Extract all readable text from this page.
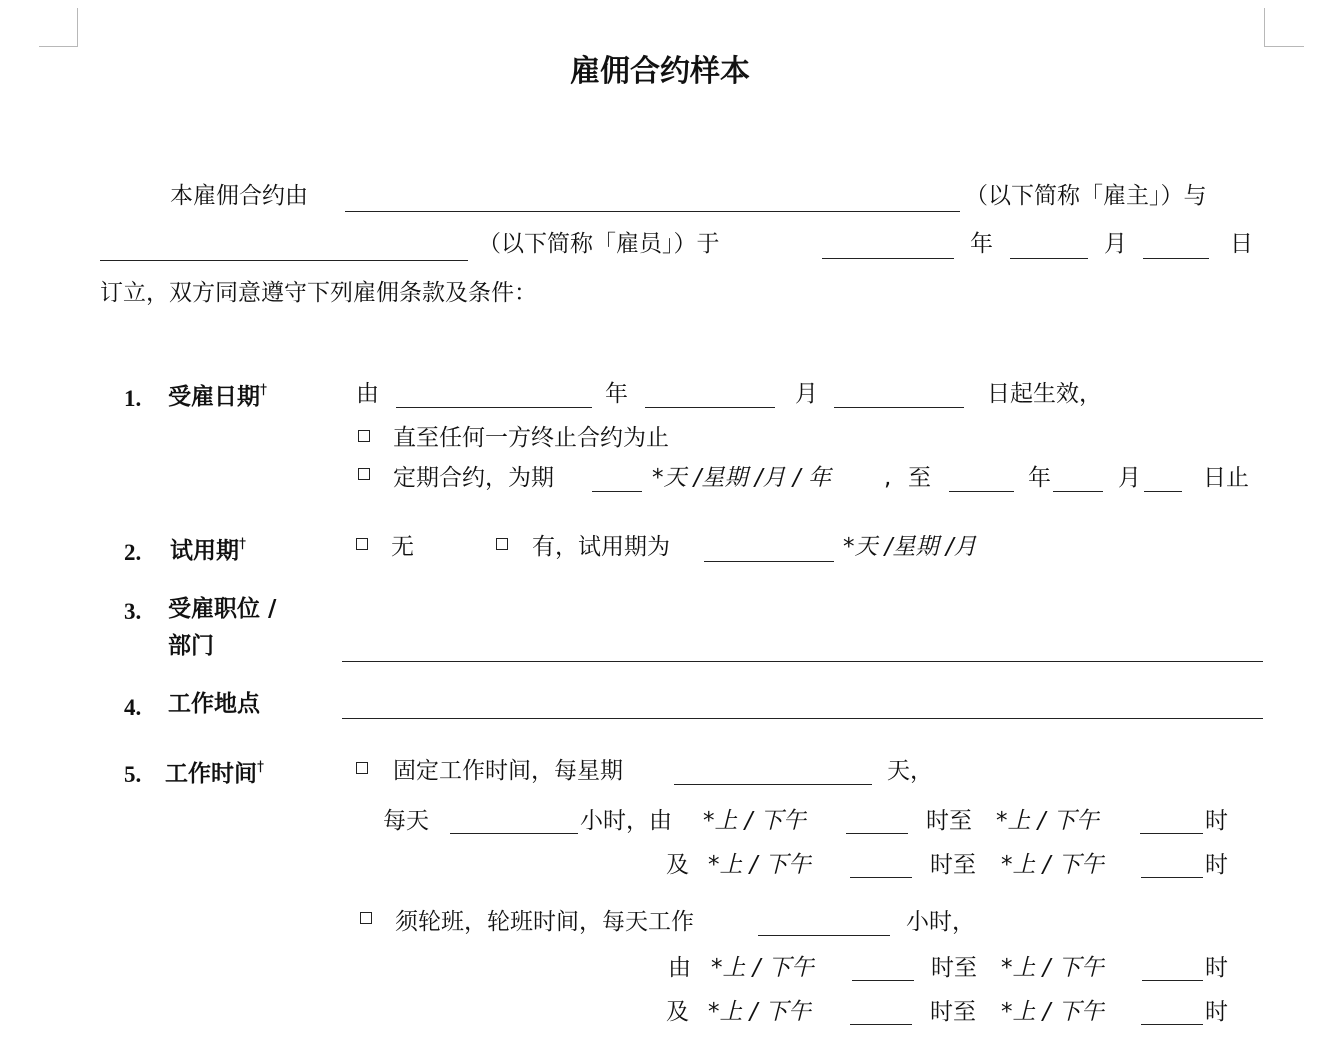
雇佣合约样本
本雇佣合约由	（以下简称「雇主」）与
（以下简称「雇员」）于	年	月	日
订立，双方同意遵守下列雇佣条款及条件：
1. 受雇日期†	由	年	月	日起生效，
直至任何一方终止合约为止
定期合约，为期	*天 /星期 /月 / 年 , 至	年	月	日止
2. 试用期†	无	有，试用期为	*天 /星期 /月
3. 受雇职位 /
部门
4. 工作地点
5. 工作时间†	固定工作时间，每星期	天，
每天	小时，由 *上 / 下午	时至 *上 / 下午	时
及 *上 / 下午	时至 *上 / 下午	时
须轮班，轮班时间，每天工作	小时，
由 *上 / 下午	时至 *上 / 下午	时
及 *上 / 下午	时至 *上 / 下午	时
